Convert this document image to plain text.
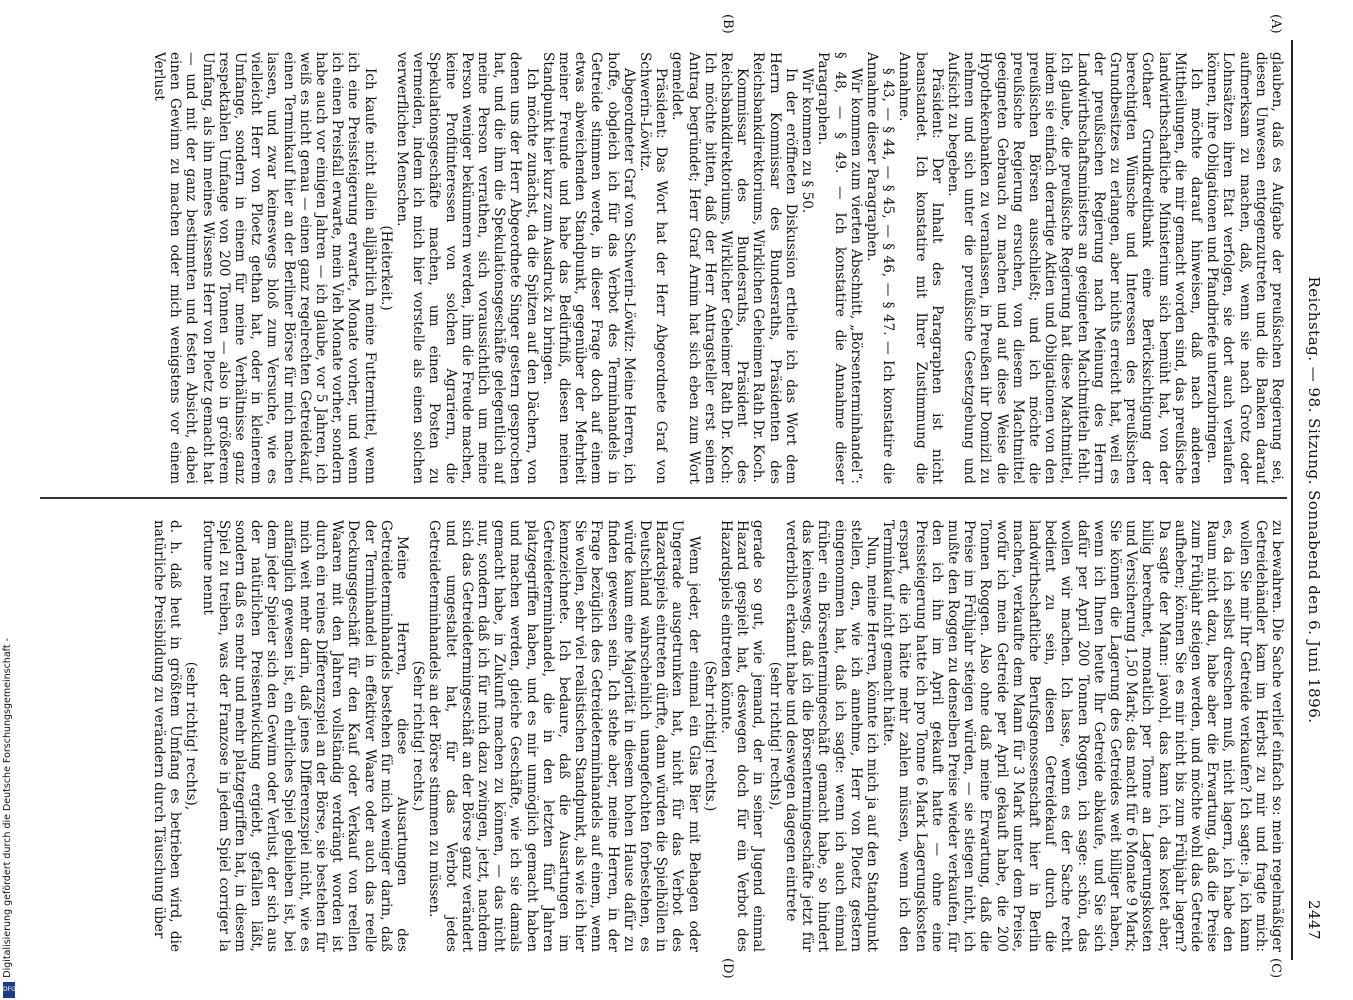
Reichstag. — 98. Sitzung. Sonnabend den 6. Juni 1896.
2447
(A)
(B)
(C)
(D)

glauben, daß es Aufgabe der preußischen Regierung sei, diesen Unwesen entgegenzutreten und die Banken darauf aufmerksam zu machen, daß, wenn sie nach Grotz oder Lohnsätzen ihren Etat verfolgen, sie dort auch verlaufen können, ihre Obligationen und Pfandbriefe unterzubringen.

Ich möchte darauf hinweisen, daß nach anderen Mittheilungen, die mir gemacht worden sind, das preußische landwirthschaftliche Ministerium sich bemüht hat, von der Gothaer Grundkreditbank eine Berücksichtigung der berechtigten Wünsche und Interessen des preußischen Grundbesitzes zu erlangen, aber nichts erreicht hat, weil es der preußischen Regierung nach Meinung des Herrn Landwirthschaftsministers an geeigneten Machtmitteln fehlt. Ich glaube, die preußische Regierung hat diese Machtmittel, indem sie einfach derartige Aktien und Obligationen von den preußischen Börsen ausschließt; und ich möchte die preußische Regierung ersuchen, von diesem Machtmittel geeigneten Gebrauch zu machen und auf diese Weise die Hypothekenbanken zu veranlassen, in Preußen ihr Domizil zu nehmen und sich unter die preußische Gesetzgebung und Aufsicht zu begeben.

Präsident: Der Inhalt des Paragraphen ist nicht beanstandet. Ich konstatire mit Ihrer Zustimmung die Annahme.

§ 43, — § 44, — § 45, — § 46, — § 47. — Ich konstatire die Annahme dieser Paragraphen.

Wir kommen zum vierten Abschnitt, „Börsenterminhandel“: § 48, — § 49. — Ich konstatire die Annahme dieser Paragraphen.

Wir kommen zu § 50.

In der eröffneten Diskussion ertheile ich das Wort dem Herrn Kommissar des Bundesraths, Präsidenten des Reichsbankdirektoriums, Wirklichen Geheimen Rath Dr. Koch.

Kommissar des Bundesraths, Präsident des Reichsbankdirektoriums, Wirklicher Geheimer Rath Dr. Koch: Ich möchte bitten, daß der Herr Antragsteller erst seinen Antrag begründet; Herr Graf Arnim hat sich eben zum Wort gemeldet.

Präsident: Das Wort hat der Herr Abgeordnete Graf von Schwerin-Löwitz.

Abgeordneter Graf von Schwerin-Löwitz: Meine Herren, ich hoffe, obgleich ich für das Verbot des Terminhandels in Getreide stimmen werde, in dieser Frage doch auf einem etwas abweichenden Standpunkt, gegenüber der Mehrheit meiner Freunde und habe das Bedürfniß, diesen meinen Standpunkt hier kurz zum Ausdruck zu bringen.

Ich möchte zunächst, da die Spitzen auf den Dächern, von denen uns der Herr Abgeordnete Singer gestern gesprochen hat, und die ihm die Spekulationsgeschäfte gelegentlich auf meine Person verrathen, sich voraussichtlich um meine Person weniger bekümmern werden, ihm die Freude machen, keine Profitinteressen von solchen Agrariern, die Spekulationsgeschäfte machen, um einen Posten zu vermeiden, indem ich mich hier vorstelle als einen solchen verwerflichen Menschen.

(Heiterkeit.)

Ich kaufe nicht allein alljährlich meine Futtermittel, wenn ich eine Preissteigerung erwarte, Monate vorher, und wenn ich einen Preisfall erwarte, mein Vieh Monate vorher, sondern habe auch vor einigen Jahren — ich glaube, vor 5 Jahren, ich weiß es nicht genau — einen ganz regelrechten Getreidekauf, einen Terminkauf hier an der Berliner Börse für mich machen lassen, und zwar keineswegs bloß zum Versuche, wie es vielleicht Herr von Ploetz gethan hat, oder in kleinerem Umfange, sondern in einem für meine Verhältnisse ganz respektablen Umfange von 200 Tonnen — also in größerem Umfang, als ihn meines Wissens Herr von Ploetz gemacht hat — und mit der ganz bestimmten und festen Absicht, dabei einen Gewinn zu machen oder mich wenigstens vor einem Verlust

zu bewahren. Die Sache verlief einfach so: mein regelmäßiger Getreidehändler kam im Herbst zu mir und fragte mich: wollen Sie mir Ihr Getreide verkaufen? Ich sagte: ja, ich kann es, da ich selbst dreschen muß, nicht lagern, ich habe den Raum nicht dazu, habe aber die Erwartung, daß die Preise zum Frühjahr steigen werden, und möchte wohl das Getreide aufheben; können Sie es mir nicht bis zum Frühjahr lagern? Da sagte der Mann: jawohl, das kann ich, das kostet aber, billig berechnet, monatlich per Tonne an Lagerungskosten und Versicherung 1,50 Mark; das macht für 6 Monate 9 Mark; Sie können die Lagerung des Getreides weit billiger haben, wenn ich Ihnen heute Ihr Getreide abkaufe, und Sie sich dafür per April 200 Tonnen Roggen, ich sage: schön, das wollen wir machen. Ich lasse, wenn es der Sache recht bedient zu sein, diesen Getreidekauf durch die landwirthschaftliche Berufsgenossenschaft hier in Berlin machen, verkaufte dem Mann für 3 Mark unter dem Preise, wofür ich mein Getreide per April gekauft habe, die 200 Tonnen Roggen. Also ohne daß meine Erwartung, daß die Preise im Frühjahr steigen würden, — sie stiegen nicht, ich mußte den Roggen zu denselben Preise wieder verkaufen, für den ich ihn im April gekauft hatte — ohne eine Preissteigerung hatte ich pro Tonne 6 Mark Lagerungskosten erspart, die ich hätte mehr zahlen müssen, wenn ich den Terminkauf nicht gemacht hätte.

Nun, meine Herren, könnte ich mich ja auf den Standpunkt stellen, den, wie ich annehme, Herr von Ploetz gestern eingenommen hat, daß ich sagte: wenn ich auch einmal früher ein Börsentermingeschäft gemacht habe, so hindert das keineswegs, daß ich die Börsentermingeschäfte jetzt für verderblich erkannt habe und deswegen dagegen eintrete

(sehr richtig! rechts),

gerade so gut, wie jemand, der in seiner Jugend einmal Hazard gespielt hat, deswegen doch für ein Verbot des Hazardspiels eintreten könnte.

(Sehr richtig! rechts.)

Wenn jeder, der einmal ein Glas Bier mit Behagen oder Ungerade ausgetrunken hat, nicht für das Verbot des Hazardspiels eintreten dürfte, dann würden die Spielhöllen in Deutschland wahrscheinlich unangefochten forbestehen, es würde kaum eine Majorität in diesem hohen Hause dafür zu finden gewesen sein. Ich stehe aber, meine Herren, in der Frage bezüglich des Getreideterminhandels auf einem, wenn Sie wollen, sehr viel realistischen Standpunkt, als wie ich hier kennzeichnete. Ich bedaure, daß die Ausartungen im Getreideterminhandel, die in den letzten fünf Jahren platzgegriffen haben, und es mir unmöglich gemacht haben und machen werden, gleiche Geschäfte, wie ich sie damals gemacht habe, in Zukunft machen zu können, — das nicht nur, sondern daß ich für mich dazu zwingen, jetzt, nachdem sich das Getreidetermingeschäft an der Börse ganz verändert und umgestaltet hat, für das Verbot jedes Getreideterminhandels an der Börse stimmen zu müssen.

(Sehr richtig! rechts.)

Meine Herren, diese Ausartungen des Getreideterminhandels bestehen für mich weniger darin, daß der Terminhandel in effektiver Waare oder auch das reelle Deckungsgeschäft für den Kauf oder Verkauf von reellen Waaren mit den Jahren vollständig verdrängt worden ist durch ein reines Differenzspiel an der Börse, sie bestehen für mich weit mehr darin, daß jenes Differenzspiel nicht, wie es anfänglich gewesen ist, ein ehrliches Spiel geblieben ist, bei dem jeder Spieler sich den Gewinn oder Verlust, der sich aus der natürlichen Preisentwicklung ergiebt, gefallen läßt, sondern daß es mehr und mehr platzgegriffen hat, in diesem Spiel zu treiben, was der Franzose in jedem Spiel corriger la fortune nennt

(sehr richtig! rechts),

d. h. daß heut in größtem Umfang es betrieben wird, die natürliche Preisbildung zu verändern durch Täuschung über

Digitalisierung gefördert durch die Deutsche Forschungsgemeinschaft -
DFG
